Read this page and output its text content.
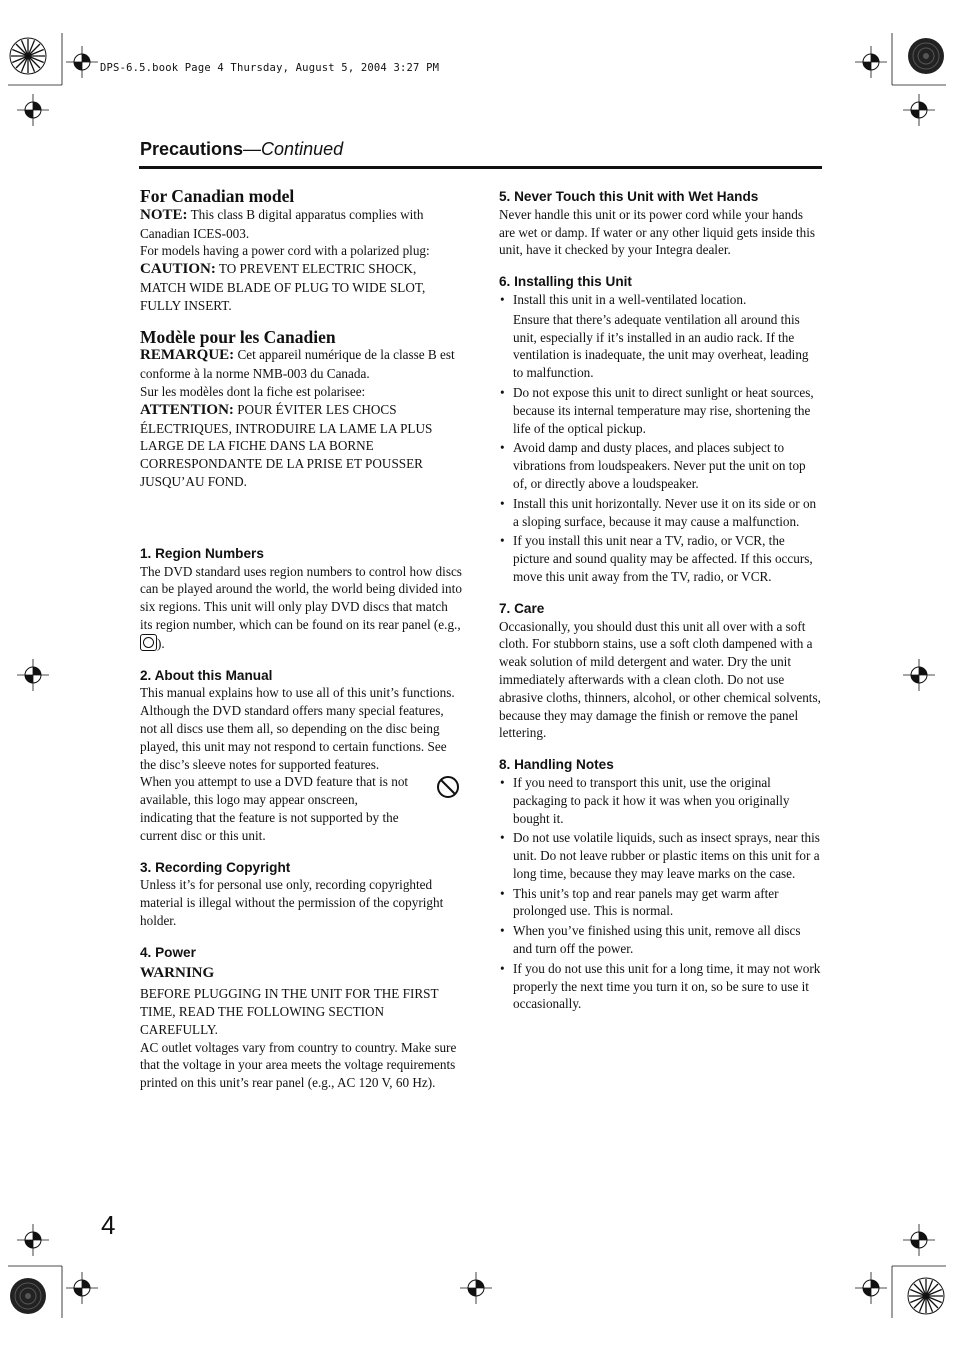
DPS-6.5.book Page 4 Thursday, August 5, 2004 3:27 PM
Precautions—Continued

For Canadian model

NOTE: This class B digital apparatus complies with Canadian ICES-003.

For models having a power cord with a polarized plug:

CAUTION: TO PREVENT ELECTRIC SHOCK, MATCH WIDE BLADE OF PLUG TO WIDE SLOT, FULLY INSERT.

Modèle pour les Canadien

REMARQUE: Cet appareil numérique de la classe B est conforme à la norme NMB-003 du Canada.

Sur les modèles dont la fiche est polarisee:

ATTENTION: POUR ÉVITER LES CHOCS ÉLECTRIQUES, INTRODUIRE LA LAME LA PLUS LARGE DE LA FICHE DANS LA BORNE CORRESPONDANTE DE LA PRISE ET POUSSER JUSQU’AU FOND.

1. Region Numbers

The DVD standard uses region numbers to control how discs can be played around the world, the world being divided into six regions. This unit will only play DVD discs that match its region number, which can be found on its rear panel (e.g., ).

2. About this Manual

This manual explains how to use all of this unit’s functions. Although the DVD standard offers many special features, not all discs use them all, so depending on the disc being played, this unit may not respond to certain functions. See the disc’s sleeve notes for supported features.

When you attempt to use a DVD feature that is not available, this logo may appear onscreen, indicating that the feature is not supported by the current disc or this unit.

3. Recording Copyright

Unless it’s for personal use only, recording copyrighted material is illegal without the permission of the copyright holder.

4. Power

WARNING

BEFORE PLUGGING IN THE UNIT FOR THE FIRST TIME, READ THE FOLLOWING SECTION CAREFULLY.

AC outlet voltages vary from country to country. Make sure that the voltage in your area meets the voltage requirements printed on this unit’s rear panel (e.g., AC 120 V, 60 Hz).

5. Never Touch this Unit with Wet Hands

Never handle this unit or its power cord while your hands are wet or damp. If water or any other liquid gets inside this unit, have it checked by your Integra dealer.

6. Installing this Unit

• Install this unit in a well-ventilated location.
Ensure that there’s adequate ventilation all around this unit, especially if it’s installed in an audio rack. If the ventilation is inadequate, the unit may overheat, leading to malfunction.
• Do not expose this unit to direct sunlight or heat sources, because its internal temperature may rise, shortening the life of the optical pickup.
• Avoid damp and dusty places, and places subject to vibrations from loudspeakers. Never put the unit on top of, or directly above a loudspeaker.
• Install this unit horizontally. Never use it on its side or on a sloping surface, because it may cause a malfunction.
• If you install this unit near a TV, radio, or VCR, the picture and sound quality may be affected. If this occurs, move this unit away from the TV, radio, or VCR.

7. Care

Occasionally, you should dust this unit all over with a soft cloth. For stubborn stains, use a soft cloth dampened with a weak solution of mild detergent and water. Dry the unit immediately afterwards with a clean cloth. Do not use abrasive cloths, thinners, alcohol, or other chemical solvents, because they may damage the finish or remove the panel lettering.

8. Handling Notes

• If you need to transport this unit, use the original packaging to pack it how it was when you originally bought it.
• Do not use volatile liquids, such as insect sprays, near this unit. Do not leave rubber or plastic items on this unit for a long time, because they may leave marks on the case.
• This unit’s top and rear panels may get warm after prolonged use. This is normal.
• When you’ve finished using this unit, remove all discs and turn off the power.
• If you do not use this unit for a long time, it may not work properly the next time you turn it on, so be sure to use it occasionally.
4
